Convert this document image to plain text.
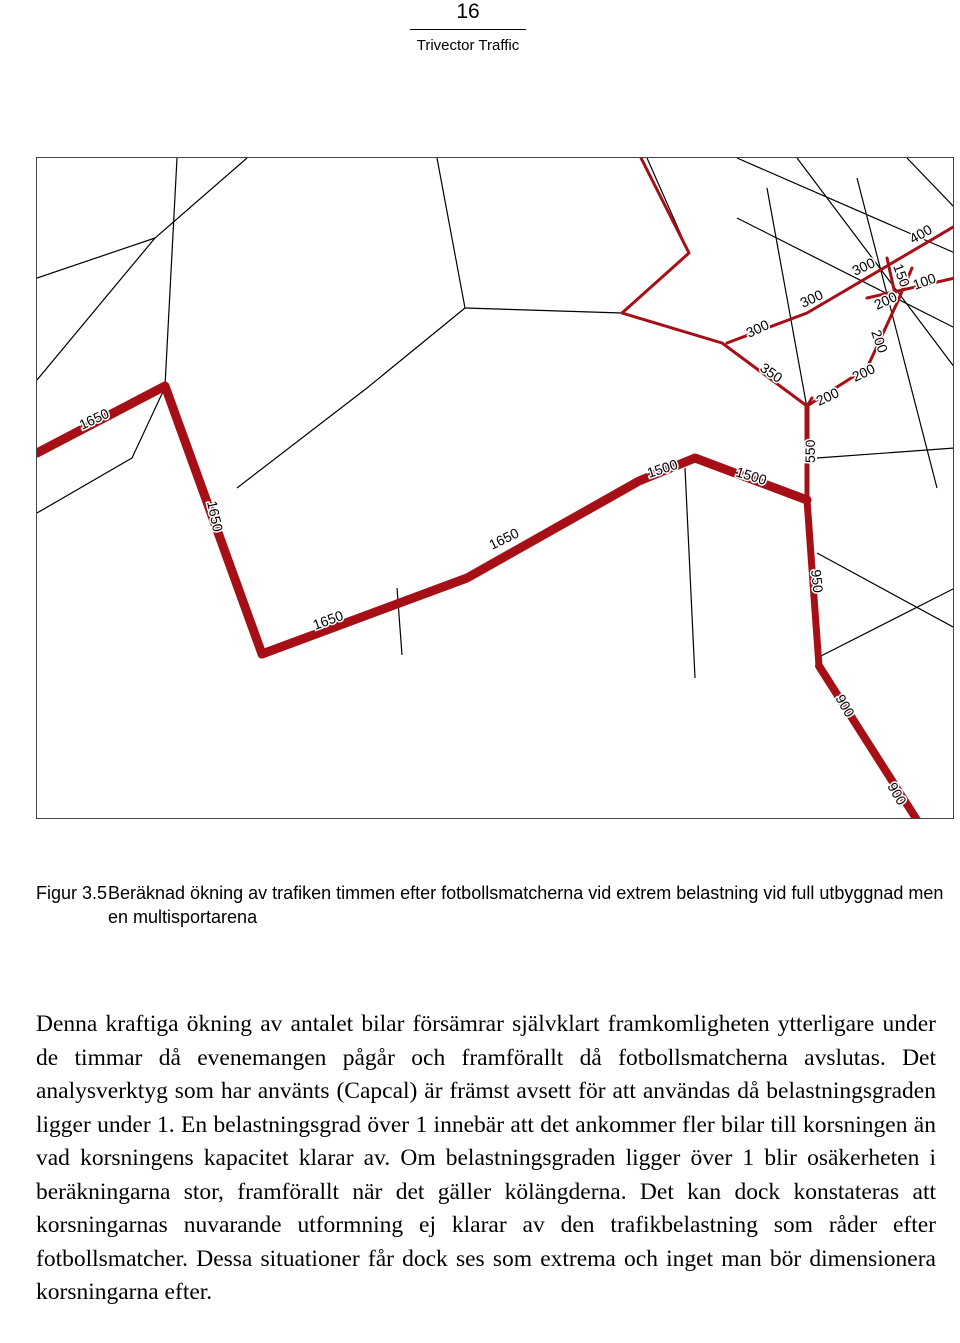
16
Trivector Traffic
1650
1650
1650
1650
1500	1500
550
950
900
900
300
300
300
400
350
200
200
200
200
150
100
Figur 3.5 Beräknad ökning av trafiken timmen efter fotbollsmatcherna vid extrem belastning vid full utbyggnad men en multisportarena
Denna kraftiga ökning av antalet bilar försämrar självklart framkomligheten ytterligare under de timmar då evenemangen pågår och framförallt då fotbollsmatcherna avslutas. Det analysverktyg som har använts (Capcal) är främst avsett för att användas då belastningsgraden ligger under 1. En belastningsgrad över 1 innebär att det ankommer fler bilar till korsningen än vad korsningens kapacitet klarar av. Om belastningsgraden ligger över 1 blir osäkerheten i beräkningarna stor, framförallt när det gäller kölängderna. Det kan dock konstateras att korsningarnas nuvarande utformning ej klarar av den trafikbelastning som råder efter fotbollsmatcher. Dessa situationer får dock ses som extrema och inget man bör dimensionera korsningarna efter.
